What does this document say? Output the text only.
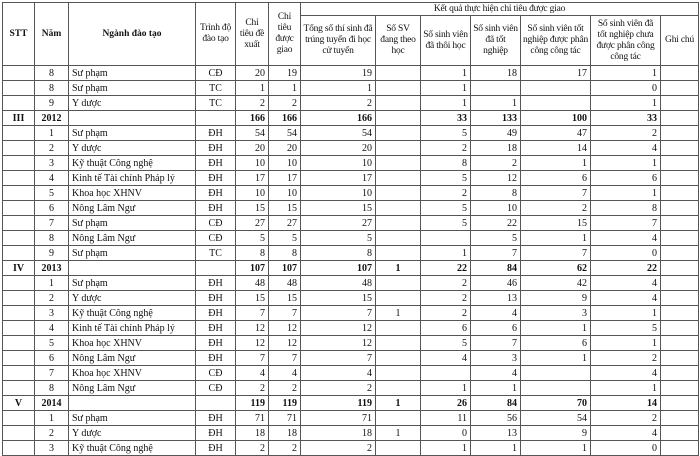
STT	Năm	Ngành đào tạo	Trình độ đào tạo	Chỉ tiêu đề xuất	Chỉ tiêu được giao	Kết quả thực hiện chỉ tiêu được giao						
						Tổng số thí sinh đã trúng tuyển đi học cử tuyển	Số SV đang theo học	Số sinh viên đã thôi học	Số sinh viên đã tốt nghiệp	Số sinh viên tốt nghiệp được phân công công tác	Số sinh viên đã tốt nghiệp chưa được phân công công tác	Ghi chú
	8	Sư phạm	CĐ	20	19	19		1	18	17	1	
	8	Sư phạm	TC	1	1	1		1			0	
	9	Y dược	TC	2	2	2		1	1		1	
III	2012			166	166	166		33	133	100	33	
	1	Sư phạm	ĐH	54	54	54		5	49	47	2	
	2	Y dược	ĐH	20	20	20		2	18	14	4	
	3	Kỹ thuật Công nghệ	ĐH	10	10	10		8	2	1	1	
	4	Kinh tế Tài chính Pháp lý	ĐH	17	17	17		5	12	6	6	
	5	Khoa học XHNV	ĐH	10	10	10		2	8	7	1	
	6	Nông Lâm Ngư	ĐH	15	15	15		5	10	2	8	
	7	Sư phạm	CĐ	27	27	27		5	22	15	7	
	8	Nông Lâm Ngư	CĐ	5	5	5			5	1	4	
	9	Sư phạm	TC	8	8	8		1	7	7	0	
IV	2013			107	107	107	1	22	84	62	22	
	1	Sư phạm	ĐH	48	48	48		2	46	42	4	
	2	Y dược	ĐH	15	15	15		2	13	9	4	
	3	Kỹ thuật Công nghệ	ĐH	7	7	7	1	2	4	3	1	
	4	Kinh tế Tài chính Pháp lý	ĐH	12	12	12		6	6	1	5	
	5	Khoa học XHNV	ĐH	12	12	12		5	7	6	1	
	6	Nông Lâm Ngư	ĐH	7	7	7		4	3	1	2	
	7	Khoa học XHNV	CĐ	4	4	4			4		4	
	8	Nông Lâm Ngư	CĐ	2	2	2		1	1		1	
V	2014			119	119	119	1	26	84	70	14	
	1	Sư phạm	ĐH	71	71	71		11	56	54	2	
	2	Y dược	ĐH	18	18	18	1	0	13	9	4	
	3	Kỹ thuật Công nghệ	ĐH	2	2	2		1	1	1	0	
